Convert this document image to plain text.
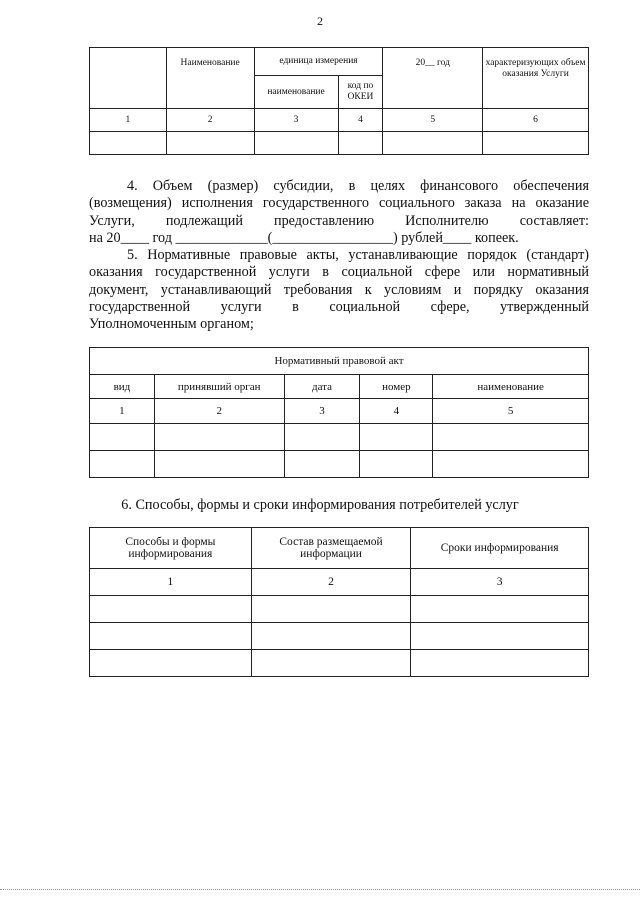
2
	Наименование	единица измерения		20__ год	характеризующих объем оказания Услуги
		наименование	код по ОКЕИ		
1	2	3	4	5	6

4. Объем (размер) субсидии, в целях финансового обеспечения
(возмещения) исполнения государственного социального заказа на оказание
Услуги, подлежащий предоставлению Исполнителю составляет:
на 20____ год _____________(_________________) рублей____ копеек.
5. Нормативные правовые акты, устанавливающие порядок (стандарт)
оказания государственной услуги в социальной сфере или нормативный
документ, устанавливающий требования к условиям и порядку оказания
государственной услуги в социальной сфере, утвержденный
Уполномоченным органом;
Нормативный правовой акт				
вид	принявший орган	дата	номер	наименование
1	2	3	4	5

6. Способы, формы и сроки информирования потребителей услуг
Способы и формы информирования	Состав размещаемой информации	Сроки информирования
1	2	3
